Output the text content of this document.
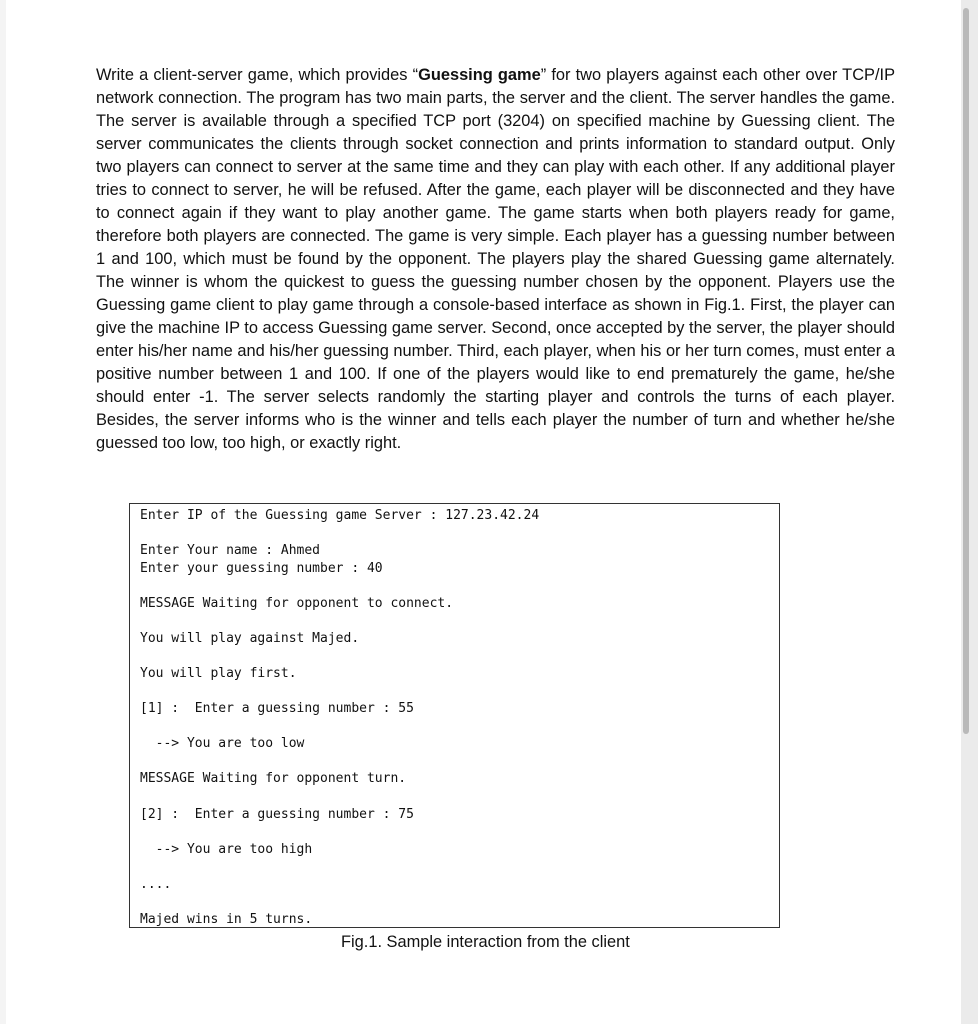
Write a client-server game, which provides “Guessing game” for two players against each other over TCP/IP network connection. The program has two main parts, the server and the client. The server handles the game. The server is available through a specified TCP port (3204) on specified machine by Guessing client. The server communicates the clients through socket connection and prints information to standard output. Only two players can connect to server at the same time and they can play with each other. If any additional player tries to connect to server, he will be refused. After the game, each player will be disconnected and they have to connect again if they want to play another game. The game starts when both players ready for game, therefore both players are connected. The game is very simple. Each player has a guessing number between 1 and 100, which must be found by the opponent. The players play the shared Guessing game alternately. The winner is whom the quickest to guess the guessing number chosen by the opponent. Players use the Guessing game client to play game through a console-based interface as shown in Fig.1. First, the player can give the machine IP to access Guessing game server. Second, once accepted by the server, the player should enter his/her name and his/her guessing number. Third, each player, when his or her turn comes, must enter a positive number between 1 and 100. If one of the players would like to end prematurely the game, he/she should enter -1. The server selects randomly the starting player and controls the turns of each player. Besides, the server informs who is the winner and tells each player the number of turn and whether he/she guessed too low, too high, or exactly right.

Enter IP of the Guessing game Server : 127.23.42.24
Enter Your name : Ahmed
Enter your guessing number : 40
MESSAGE Waiting for opponent to connect.
You will play against Majed.
You will play first.
[1] :  Enter a guessing number : 55
--> You are too low
MESSAGE Waiting for opponent turn.
[2] :  Enter a guessing number : 75
--> You are too high
....
Majed wins in 5 turns.

Fig.1. Sample interaction from the client
